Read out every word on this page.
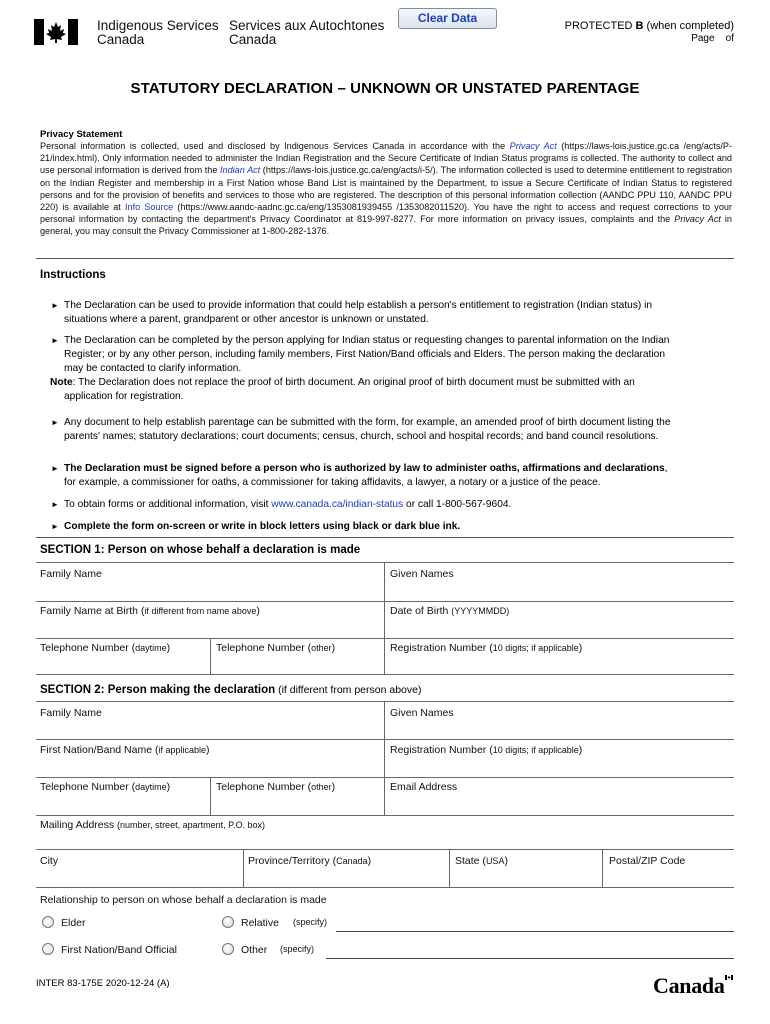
Indigenous Services
Canada
Services aux Autochtones
Canada
Clear Data
PROTECTED B (when completed)
Page    of
STATUTORY DECLARATION – UNKNOWN OR UNSTATED PARENTAGE
Privacy Statement
Personal information is collected, used and disclosed by Indigenous Services Canada in accordance with the Privacy Act (https://laws-lois.justice.gc.ca /eng/acts/P-21/index.html). Only information needed to administer the Indian Registration and the Secure Certificate of Indian Status programs is collected. The authority to collect and use personal information is derived from the Indian Act (https://laws-lois.justice.gc.ca/eng/acts/i-5/). The information collected is used to determine entitlement to registration on the Indian Register and membership in a First Nation whose Band List is maintained by the Department, to issue a Secure Certificate of Indian Status to registered persons and for the provision of benefits and services to those who are registered. The description of this personal information collection (AANDC PPU 110, AANDC PPU 220) is available at Info Source (https://www.aandc-aadnc.gc.ca/eng/1353081939455 /1353082011520). You have the right to access and request corrections to your personal information by contacting the department's Privacy Coordinator at 819-997-8277. For more information on privacy issues, complaints and the Privacy Act in general, you may consult the Privacy Commissioner at 1-800-282-1376.
Instructions
► The Declaration can be used to provide information that could help establish a person's entitlement to registration (Indian status) in
situations where a parent, grandparent or other ancestor is unknown or unstated.
► The Declaration can be completed by the person applying for Indian status or requesting changes to parental information on the Indian
Register; or by any other person, including family members, First Nation/Band officials and Elders. The person making the declaration
may be contacted to clarify information.
Note: The Declaration does not replace the proof of birth document. An original proof of birth document must be submitted with an
application for registration.
► Any document to help establish parentage can be submitted with the form, for example, an amended proof of birth document listing the
parents' names; statutory declarations; court documents; census, church, school and hospital records; and band council resolutions.
► The Declaration must be signed before a person who is authorized by law to administer oaths, affirmations and declarations,
for example, a commissioner for oaths, a commissioner for taking affidavits, a lawyer, a notary or a justice of the peace.
► To obtain forms or additional information, visit www.canada.ca/indian-status or call 1-800-567-9604.
► Complete the form on-screen or write in block letters using black or dark blue ink.
SECTION 1: Person on whose behalf a declaration is made
Family Name	Given Names
Family Name at Birth (if different from name above)	Date of Birth (YYYYMMDD)
Telephone Number (daytime)	Telephone Number (other)	Registration Number (10 digits; if applicable)
SECTION 2: Person making the declaration (if different from person above)
Family Name	Given Names
First Nation/Band Name (if applicable)	Registration Number (10 digits; if applicable)
Telephone Number (daytime)	Telephone Number (other)	Email Address
Mailing Address (number, street, apartment, P.O. box)
City	Province/Territory (Canada)	State (USA)	Postal/ZIP Code
Relationship to person on whose behalf a declaration is made
Elder	Relative (specify)
First Nation/Band Official	Other (specify)
INTER 83-175E 2020-12-24 (A)	Canada
